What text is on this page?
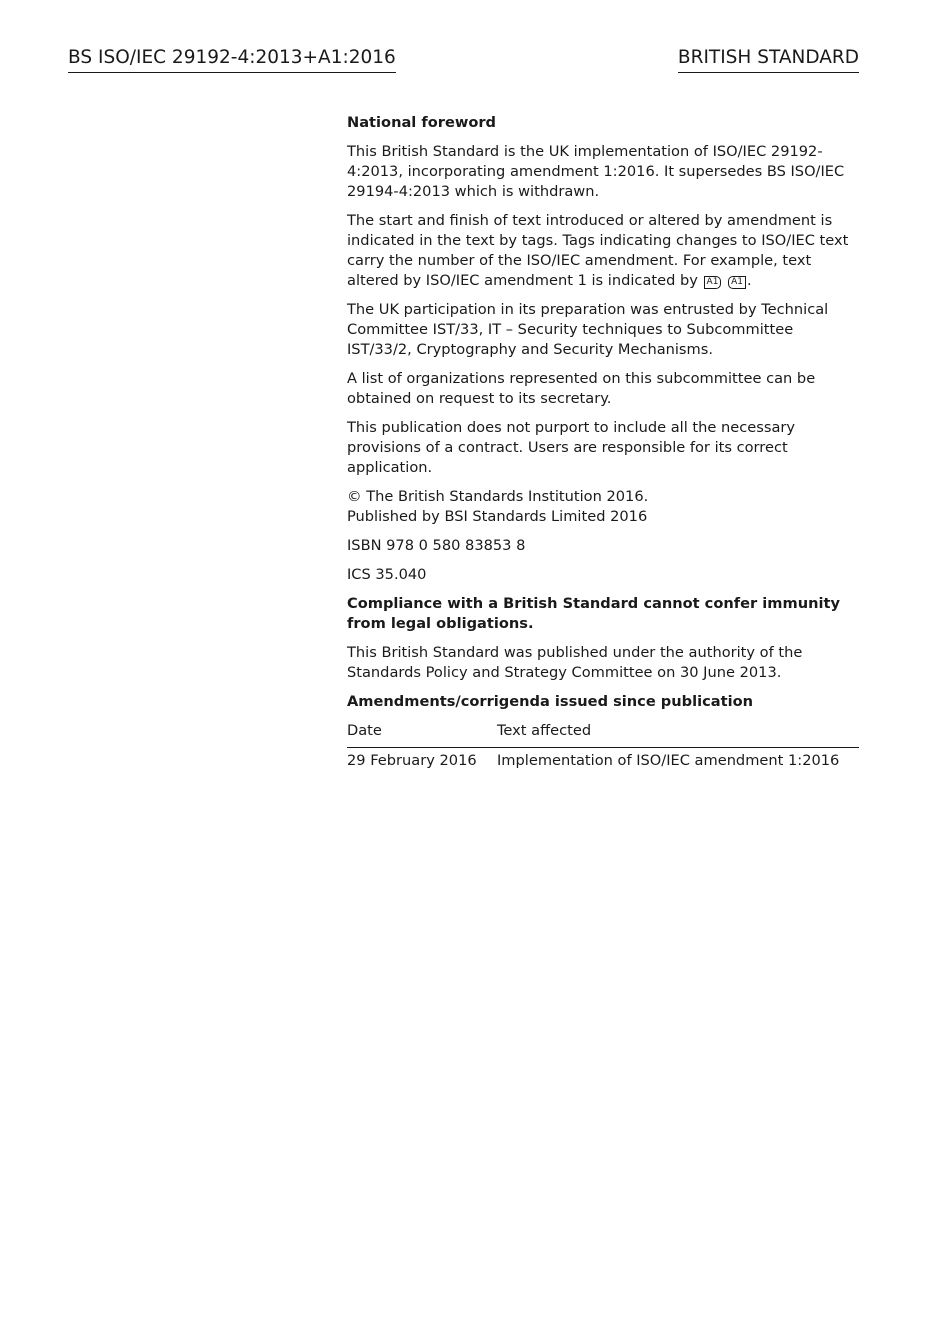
BS ISO/IEC 29192-4:2013+A1:2016	BRITISH STANDARD

National foreword

This British Standard is the UK implementation of ISO/IEC 29192-4:2013, incorporating amendment 1:2016. It supersedes BS ISO/IEC 29194-4:2013 which is withdrawn.

The start and finish of text introduced or altered by amendment is indicated in the text by tags. Tags indicating changes to ISO/IEC text carry the number of the ISO/IEC amendment. For example, text altered by ISO/IEC amendment 1 is indicated by A1 A1 .

The UK participation in its preparation was entrusted by Technical Committee IST/33, IT – Security techniques to Subcommittee IST/33/2, Cryptography and Security Mechanisms.

A list of organizations represented on this subcommittee can be obtained on request to its secretary.

This publication does not purport to include all the necessary provisions of a contract. Users are responsible for its correct application.

© The British Standards Institution 2016.
Published by BSI Standards Limited 2016

ISBN 978 0 580 83853 8

ICS 35.040

Compliance with a British Standard cannot confer immunity from legal obligations.

This British Standard was published under the authority of the Standards Policy and Strategy Committee on 30 June 2013.

Amendments/corrigenda issued since publication

Date	Text affected
29 February 2016	Implementation of ISO/IEC amendment 1:2016
